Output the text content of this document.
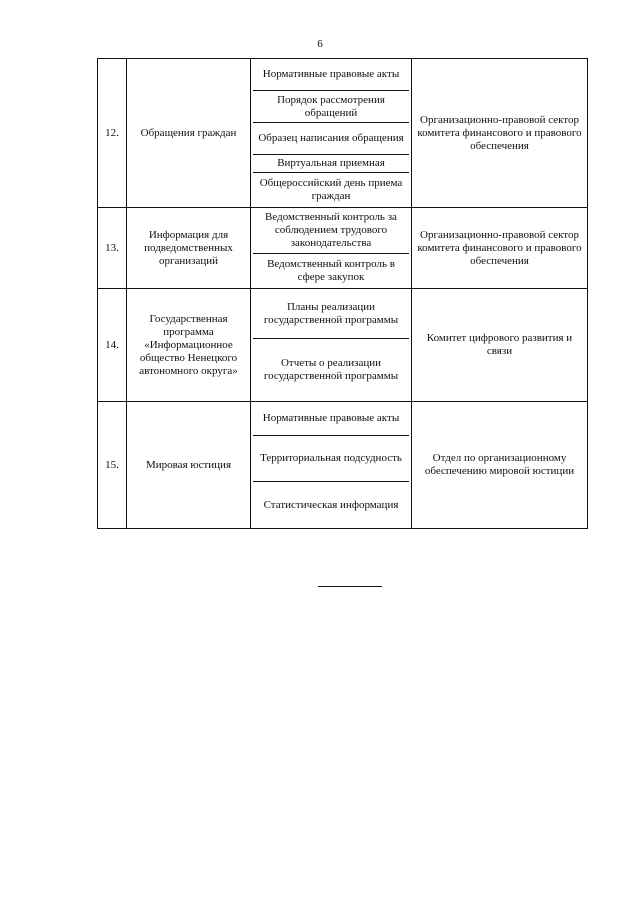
6
12.	Обращения граждан	Нормативные правовые акты
Порядок рассмотрения обращений
Образец написания обращения
Виртуальная приемная
Общероссийский день приема граждан	Организационно-правовой сектор комитета финансового и правового обеспечения
13.	Информация для подведомственных организаций	Ведомственный контроль за соблюдением трудового законодательства
Ведомственный контроль в сфере закупок	Организационно-правовой сектор комитета финансового и правового обеспечения
14.	Государственная программа «Информационное общество Ненецкого автономного округа»	Планы реализации государственной программы
Отчеты о реализации государственной программы	Комитет цифрового развития и связи
15.	Мировая юстиция	Нормативные правовые акты
Территориальная подсудность
Статистическая информация	Отдел по организационному обеспечению мировой юстиции
